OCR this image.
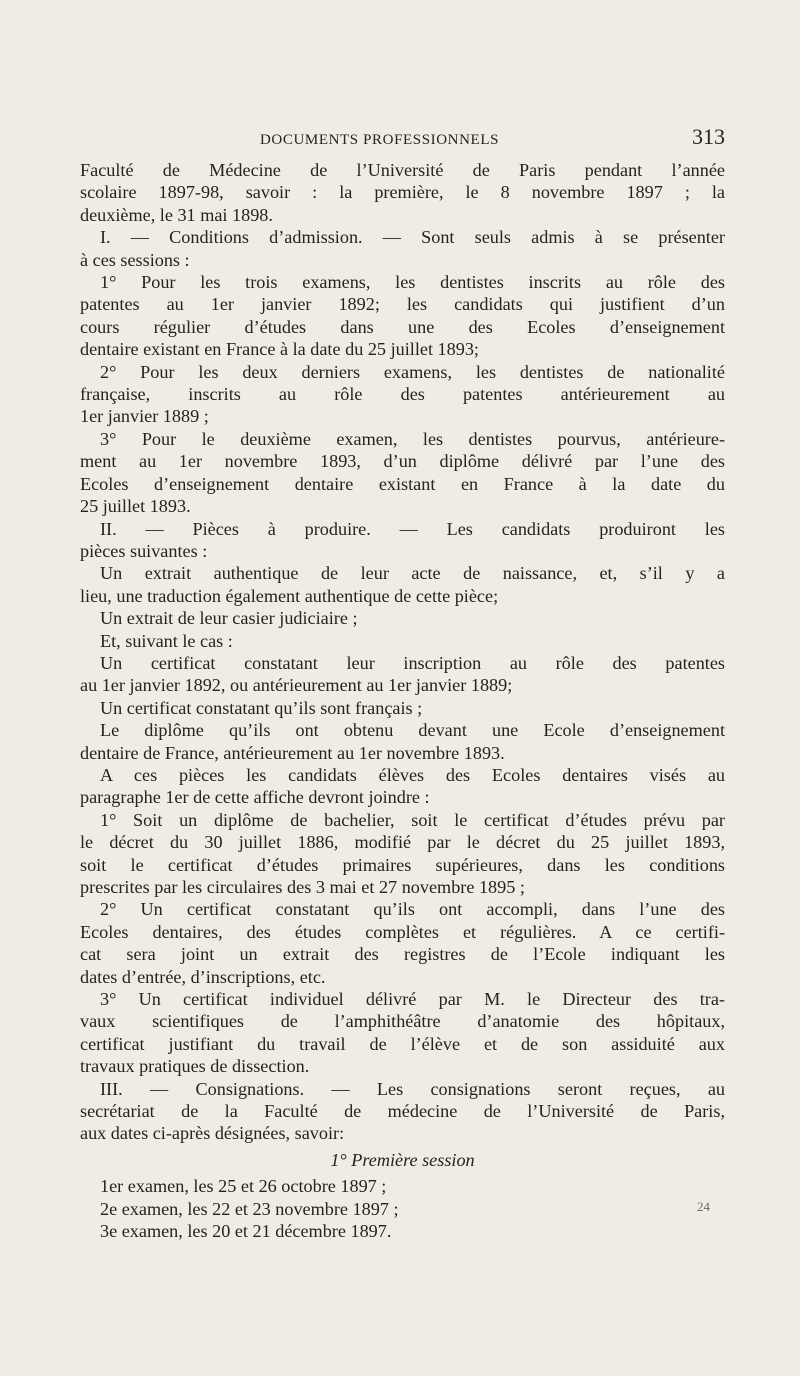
DOCUMENTS PROFESSIONNELS	313
Faculté de Médecine de l’Université de Paris pendant l’année
scolaire 1897-98, savoir : la première, le 8 novembre 1897 ; la
deuxième, le 31 mai 1898.
I. — Conditions d’admission. — Sont seuls admis à se présenter
à ces sessions :
1° Pour les trois examens, les dentistes inscrits au rôle des
patentes au 1er janvier 1892; les candidats qui justifient d’un
cours régulier d’études dans une des Ecoles d’enseignement
dentaire existant en France à la date du 25 juillet 1893;
2° Pour les deux derniers examens, les dentistes de nationalité
française, inscrits au rôle des patentes antérieurement au
1er janvier 1889 ;
3° Pour le deuxième examen, les dentistes pourvus, antérieure-
ment au 1er novembre 1893, d’un diplôme délivré par l’une des
Ecoles d’enseignement dentaire existant en France à la date du
25 juillet 1893.
II. — Pièces à produire. — Les candidats produiront les
pièces suivantes :
Un extrait authentique de leur acte de naissance, et, s’il y a
lieu, une traduction également authentique de cette pièce;
Un extrait de leur casier judiciaire ;
Et, suivant le cas :
Un certificat constatant leur inscription au rôle des patentes
au 1er janvier 1892, ou antérieurement au 1er janvier 1889;
Un certificat constatant qu’ils sont français ;
Le diplôme qu’ils ont obtenu devant une Ecole d’enseignement
dentaire de France, antérieurement au 1er novembre 1893.
A ces pièces les candidats élèves des Ecoles dentaires visés au
paragraphe 1er de cette affiche devront joindre :
1° Soit un diplôme de bachelier, soit le certificat d’études prévu par
le décret du 30 juillet 1886, modifié par le décret du 25 juillet 1893,
soit le certificat d’études primaires supérieures, dans les conditions
prescrites par les circulaires des 3 mai et 27 novembre 1895 ;
2° Un certificat constatant qu’ils ont accompli, dans l’une des
Ecoles dentaires, des études complètes et régulières. A ce certifi-
cat sera joint un extrait des registres de l’Ecole indiquant les
dates d’entrée, d’inscriptions, etc.
3° Un certificat individuel délivré par M. le Directeur des tra-
vaux scientifiques de l’amphithéâtre d’anatomie des hôpitaux,
certificat justifiant du travail de l’élève et de son assiduité aux
travaux pratiques de dissection.
III. — Consignations. — Les consignations seront reçues, au
secrétariat de la Faculté de médecine de l’Université de Paris,
aux dates ci-après désignées, savoir:
1° Première session
1er examen, les 25 et 26 octobre 1897 ;
2e examen, les 22 et 23 novembre 1897 ;
3e examen, les 20 et 21 décembre 1897.
24
